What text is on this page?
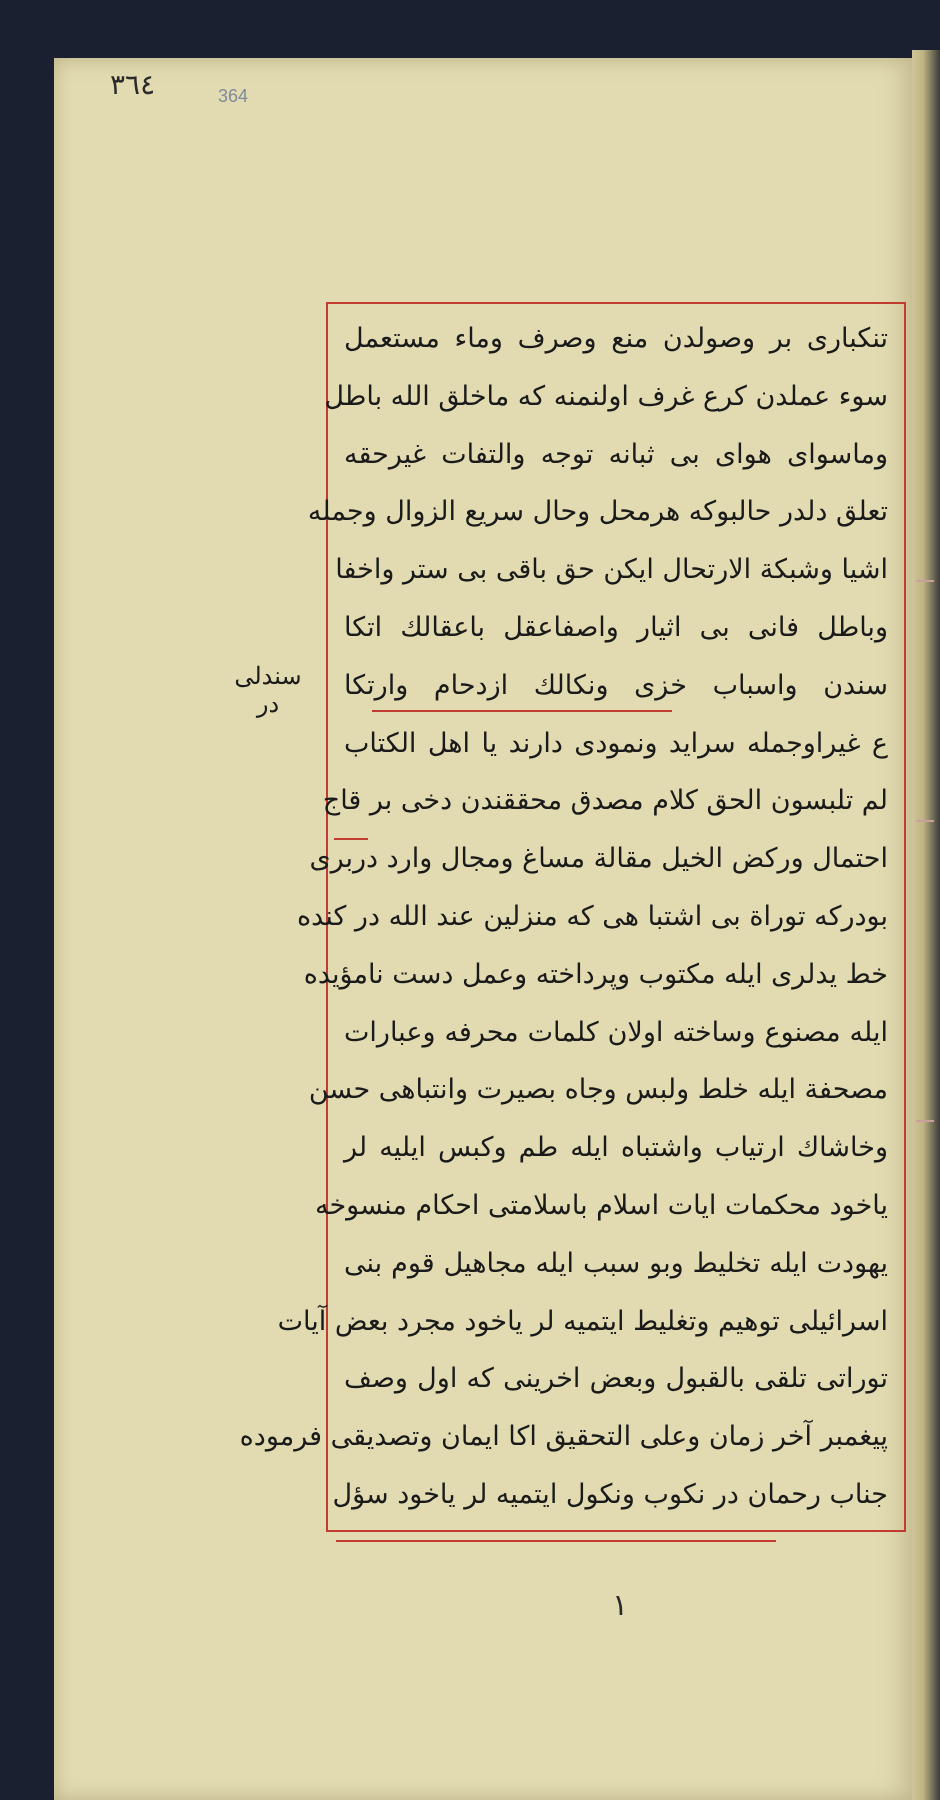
٣٦٤	364
سندلى در
تنكبارى بر وصولدن منع وصرف وماء مستعمل
سوء عملدن كرع غرف اولنمنه كه ماخلق الله باطل
وماسواى هواى بى ثبانه توجه والتفات غيرحقه
تعلق دلدر حالبوكه هرمحل وحال سريع الزوال وجمله
اشيا وشبكة الارتحال ايكن حق باقى بى ستر واخفا
وباطل فانى بى اثيار واصفاعقل باعقالك اتكا
سندن واسباب خزى ونكالك ازدحام وارتكا
ع غيراوجمله سرايد ونمودى دارند يا اهل الكتاب
لم تلبسون الحق كلام مصدق محققندن دخى بر قاج
احتمال وركض الخيل مقالة مساغ ومجال وارد دربرى
بودركه توراة بى اشتبا هى كه منزلين عند الله در كنده
خط يدلرى ايله مكتوب وپرداخته وعمل دست نامؤيده
ايله مصنوع وساخته اولان كلمات محرفه وعبارات
مصحفة ايله خلط ولبس وجاه بصيرت وانتباهى حسن
وخاشاك ارتياب واشتباه ايله طم وكبس ايليه لر
ياخود محكمات ايات اسلام باسلامتى احكام منسوخه
يهودت ايله تخليط وبو سبب ايله مجاهيل قوم بنى
اسرائيلى توهيم وتغليط ايتميه لر ياخود مجرد بعض آيات
توراتى تلقى بالقبول وبعض اخرينى كه اول وصف
پيغمبر آخر زمان وعلى التحقيق اكا ايمان وتصديقى فرموده
جناب رحمان در نكوب ونكول ايتميه لر ياخود سؤل
١
